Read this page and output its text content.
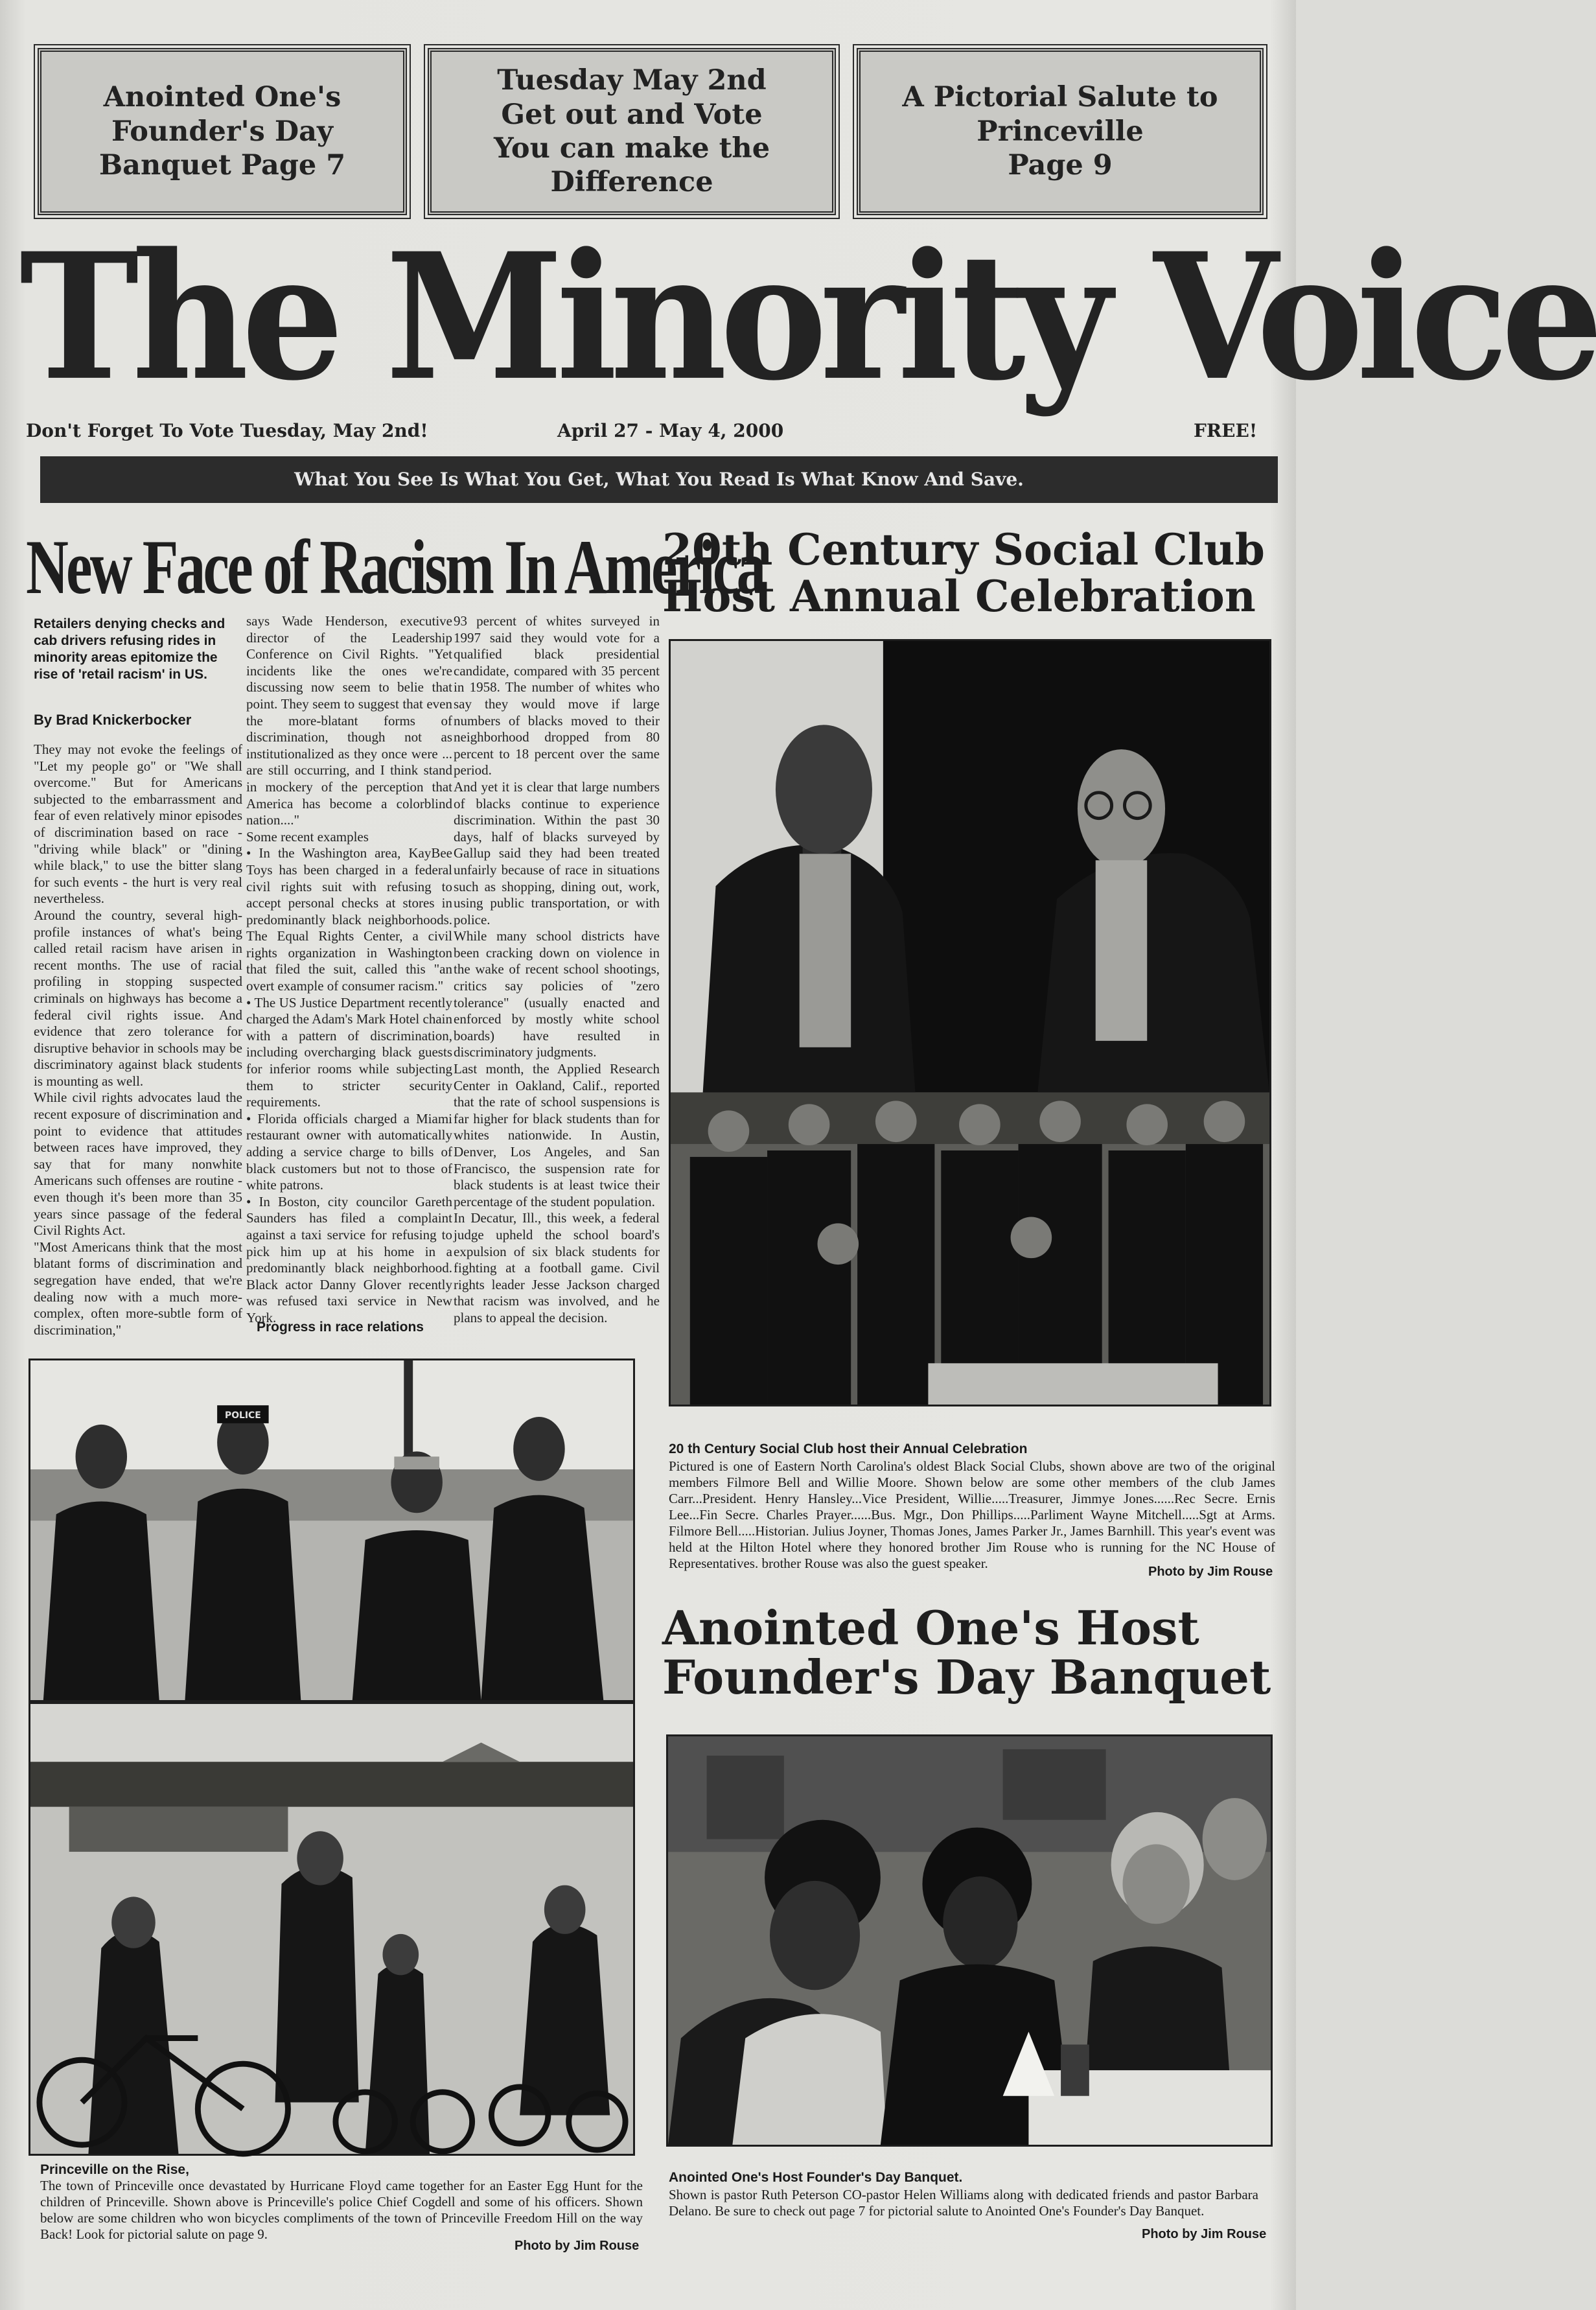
Anointed One's
Founder's Day
Banquet Page 7
Tuesday May 2nd
Get out and Vote
You can make the Difference
A Pictorial Salute to
Princeville
Page 9
The Minority Voice
Don't Forget To Vote Tuesday, May 2nd!	April 27 - May 4, 2000	FREE!
What You See Is What You Get, What You Read Is What Know And Save.
New Face of Racism In America
Retailers denying checks and cab drivers refusing rides in minority areas epitomize the rise of 'retail racism' in US.
By Brad Knickerbocker

They may not evoke the feelings of "Let my people go" or "We shall overcome." But for Americans subjected to the embarrassment and fear of even relatively minor episodes of discrimination based on race - "driving while black" or "dining while black," to use the bitter slang for such events - the hurt is very real nevertheless.

Around the country, several high-profile instances of what's being called retail racism have arisen in recent months. The use of racial profiling in stopping suspected criminals on highways has become a federal civil rights issue. And evidence that zero tolerance for disruptive behavior in schools may be discriminatory against black students is mounting as well.

While civil rights advocates laud the recent exposure of discrimination and point to evidence that attitudes between races have improved, they say that for many nonwhite Americans such offenses are routine - even though it's been more than 35 years since passage of the federal Civil Rights Act.

"Most Americans think that the most blatant forms of discrimination and segregation have ended, that we're dealing now with a much more-complex, often more-subtle form of discrimination,"

says Wade Henderson, executive director of the Leadership Conference on Civil Rights. "Yet incidents like the ones we're discussing now seem to belie that point. They seem to suggest that even the more-blatant forms of discrimination, though not as institutionalized as they once were ... are still occurring, and I think stand in mockery of the perception that America has become a colorblind nation...."

Some recent examples

• In the Washington area, KayBee Toys has been charged in a federal civil rights suit with refusing to accept personal checks at stores in predominantly black neighborhoods. The Equal Rights Center, a civil rights organization in Washington that filed the suit, called this "an overt example of consumer racism."

• The US Justice Department recently charged the Adam's Mark Hotel chain with a pattern of discrimination, including overcharging black guests for inferior rooms while subjecting them to stricter security requirements.

• Florida officials charged a Miami restaurant owner with automatically adding a service charge to bills of black customers but not to those of white patrons.

• In Boston, city councilor Gareth Saunders has filed a complaint against a taxi service for refusing to pick him up at his home in a predominantly black neighborhood. Black actor Danny Glover recently was refused taxi service in New York.

93 percent of whites surveyed in 1997 said they would vote for a qualified black presidential candidate, compared with 35 percent in 1958. The number of whites who say they would move if large numbers of blacks moved to their neighborhood dropped from 80 percent to 18 percent over the same period.

And yet it is clear that large numbers of blacks continue to experience discrimination. Within the past 30 days, half of blacks surveyed by Gallup said they had been treated unfairly because of race in situations such as shopping, dining out, work, using public transportation, or with police.

While many school districts have been cracking down on violence in the wake of recent school shootings, critics say policies of "zero tolerance" (usually enacted and enforced by mostly white school boards) have resulted in discriminatory judgments.

Last month, the Applied Research Center in Oakland, Calif., reported that the rate of school suspensions is far higher for black students than for whites nationwide. In Austin, Denver, Los Angeles, and San Francisco, the suspension rate for black students is at least twice their percentage of the student population.

In Decatur, Ill., this week, a federal judge upheld the school board's expulsion of six black students for fighting at a football game. Civil rights leader Jesse Jackson charged that racism was involved, and he plans to appeal the decision.

Progress in race relations
20th Century Social Club
Host Annual Celebration
20 th Century Social Club host their Annual Celebration
Pictured is one of Eastern North Carolina's oldest Black Social Clubs, shown above are two of the original members Filmore Bell and Willie Moore. Shown below are some other members of the club James Carr...President. Henry Hansley...Vice President, Willie.....Treasurer, Jimmye Jones......Rec Secre. Ernis Lee...Fin Secre. Charles Prayer......Bus. Mgr., Don Phillips.....Parliment Wayne Mitchell.....Sgt at Arms. Filmore Bell.....Historian. Julius Joyner, Thomas Jones, James Parker Jr., James Barnhill. This year's event was held at the Hilton Hotel where they honored brother Jim Rouse who is running for the NC House of Representatives. brother Rouse was also the guest speaker.
Photo by Jim Rouse
Anointed One's Host
Founder's Day Banquet
Anointed One's Host Founder's Day Banquet.
Shown is pastor Ruth Peterson CO-pastor Helen Williams along with dedicated friends and pastor Barbara Delano. Be sure to check out page 7 for pictorial salute to Anointed One's Founder's Day Banquet.
Photo by Jim Rouse
POLICE
Princeville on the Rise,
The town of Princeville once devastated by Hurricane Floyd came together for an Easter Egg Hunt for the children of Princeville. Shown above is Princeville's police Chief Cogdell and some of his officers. Shown below are some children who won bicycles compliments of the town of Princeville Freedom Hill on the way Back! Look for pictorial salute on page 9.
Photo by Jim Rouse
